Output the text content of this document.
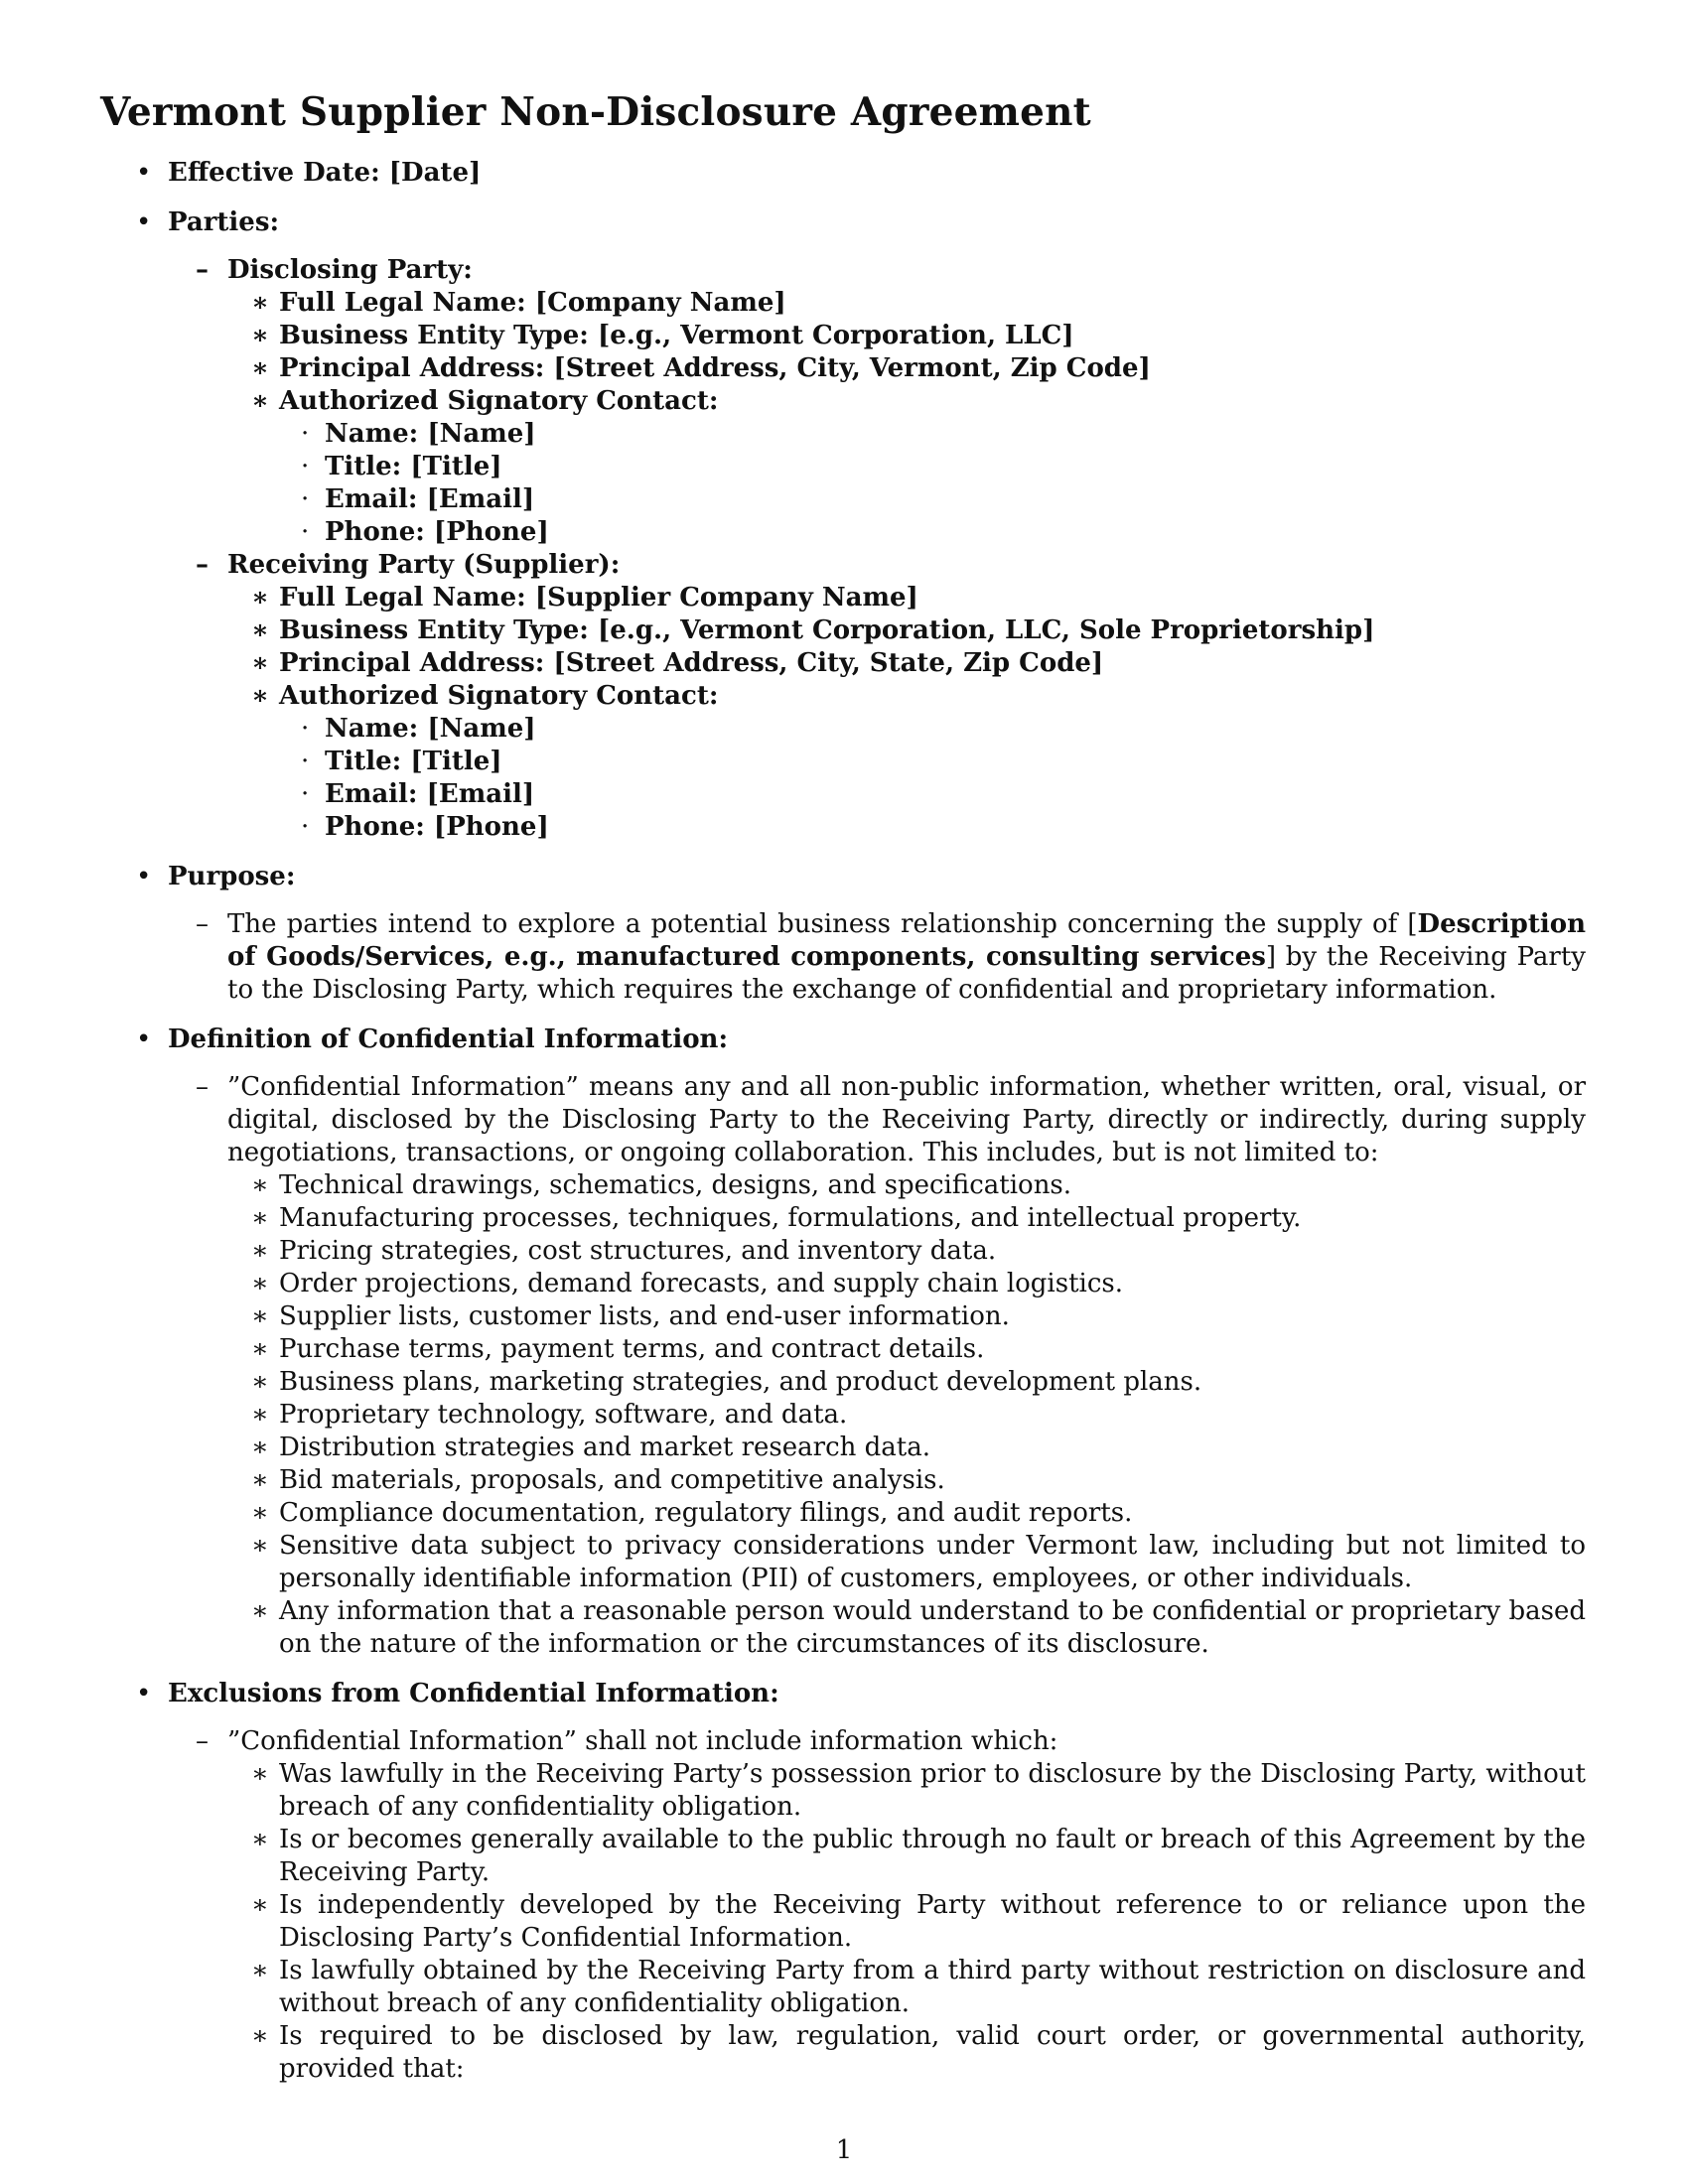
Vermont Supplier Non-Disclosure Agreement
• Effective Date: [Date]
• Parties:
– Disclosing Party:
∗ Full Legal Name: [Company Name]
∗ Business Entity Type: [e.g., Vermont Corporation, LLC]
∗ Principal Address: [Street Address, City, Vermont, Zip Code]
∗ Authorized Signatory Contact:
· Name: [Name]
· Title: [Title]
· Email: [Email]
· Phone: [Phone]
– Receiving Party (Supplier):
∗ Full Legal Name: [Supplier Company Name]
∗ Business Entity Type: [e.g., Vermont Corporation, LLC, Sole Proprietorship]
∗ Principal Address: [Street Address, City, State, Zip Code]
∗ Authorized Signatory Contact:
· Name: [Name]
· Title: [Title]
· Email: [Email]
· Phone: [Phone]
• Purpose:
– The parties intend to explore a potential business relationship concerning the supply of [Description of Goods/Services, e.g., manufactured components, consulting services] by the Receiving Party to the Disclosing Party, which requires the exchange of confidential and proprietary information.
• Definition of Confidential Information:
– ”Confidential Information” means any and all non-public information, whether written, oral, visual, or digital, disclosed by the Disclosing Party to the Receiving Party, directly or indirectly, during supply negotiations, transactions, or ongoing collaboration. This includes, but is not limited to:
∗ Technical drawings, schematics, designs, and specifications.
∗ Manufacturing processes, techniques, formulations, and intellectual property.
∗ Pricing strategies, cost structures, and inventory data.
∗ Order projections, demand forecasts, and supply chain logistics.
∗ Supplier lists, customer lists, and end-user information.
∗ Purchase terms, payment terms, and contract details.
∗ Business plans, marketing strategies, and product development plans.
∗ Proprietary technology, software, and data.
∗ Distribution strategies and market research data.
∗ Bid materials, proposals, and competitive analysis.
∗ Compliance documentation, regulatory filings, and audit reports.
∗ Sensitive data subject to privacy considerations under Vermont law, including but not limited to personally identifiable information (PII) of customers, employees, or other individuals.
∗ Any information that a reasonable person would understand to be confidential or proprietary based on the nature of the information or the circumstances of its disclosure.
• Exclusions from Confidential Information:
– ”Confidential Information” shall not include information which:
∗ Was lawfully in the Receiving Party’s possession prior to disclosure by the Disclosing Party, without breach of any confidentiality obligation.
∗ Is or becomes generally available to the public through no fault or breach of this Agreement by the Receiving Party.
∗ Is independently developed by the Receiving Party without reference to or reliance upon the Disclosing Party’s Confidential Information.
∗ Is lawfully obtained by the Receiving Party from a third party without restriction on disclosure and without breach of any confidentiality obligation.
∗ Is required to be disclosed by law, regulation, valid court order, or governmental authority, provided that:
1
